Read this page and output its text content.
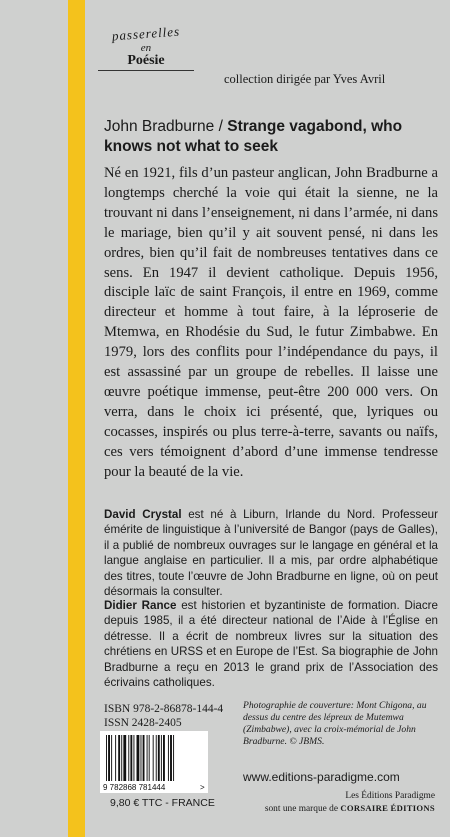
passerelles
en
Poésie
collection dirigée par Yves Avril
John Bradburne / Strange vagabond, who knows not what to seek
Né en 1921, fils d’un pasteur anglican, John Bradburne a longtemps cherché la voie qui était la sienne, ne la trouvant ni dans l’enseignement, ni dans l’armée, ni dans le mariage, bien qu’il y ait souvent pensé, ni dans les ordres, bien qu’il fait de nombreuses tentatives dans ce sens. En 1947 il devient catholique. Depuis 1956, disciple laïc de saint François, il entre en 1969, comme directeur et homme à tout faire, à la léproserie de Mtemwa, en Rhodésie du Sud, le futur Zimbabwe. En 1979, lors des conflits pour l’indépendance du pays, il est assassiné par un groupe de rebelles. Il laisse une œuvre poétique immense, peut-être 200 000 vers. On verra, dans le choix ici présenté, que, lyriques ou cocasses, inspirés ou plus terre-à-terre, savants ou naïfs, ces vers témoignent d’abord d’une immense tendresse pour la beauté de la vie.
David Crystal est né à Liburn, Irlande du Nord. Professeur émérite de linguistique à l’université de Bangor (pays de Galles), il a publié de nombreux ouvrages sur le langage en général et la langue anglaise en particulier. Il a mis, par ordre alphabétique des titres, toute l’œuvre de John Bradburne en ligne, où on peut désormais la consulter.
Didier Rance est historien et byzantiniste de formation. Diacre depuis 1985, il a été directeur national de l’Aide à l’Église en détresse. Il a écrit de nombreux livres sur la situation des chrétiens en URSS et en Europe de l’Est. Sa biographie de John Bradburne a reçu en 2013 le grand prix de l’Association des écrivains catholiques.
ISBN 978-2-86878-144-4
ISSN 2428-2405
9 782868 781444	>
9,80 € TTC - FRANCE
Photographie de couverture: Mont Chigona, au dessus du centre des lépreux de Mutemwa (Zimbabwe), avec la croix-mémorial de John Bradburne. © JBMS.
www.editions-paradigme.com
Les Éditions Paradigme
sont une marque de CORSAIRE ÉDITIONS
